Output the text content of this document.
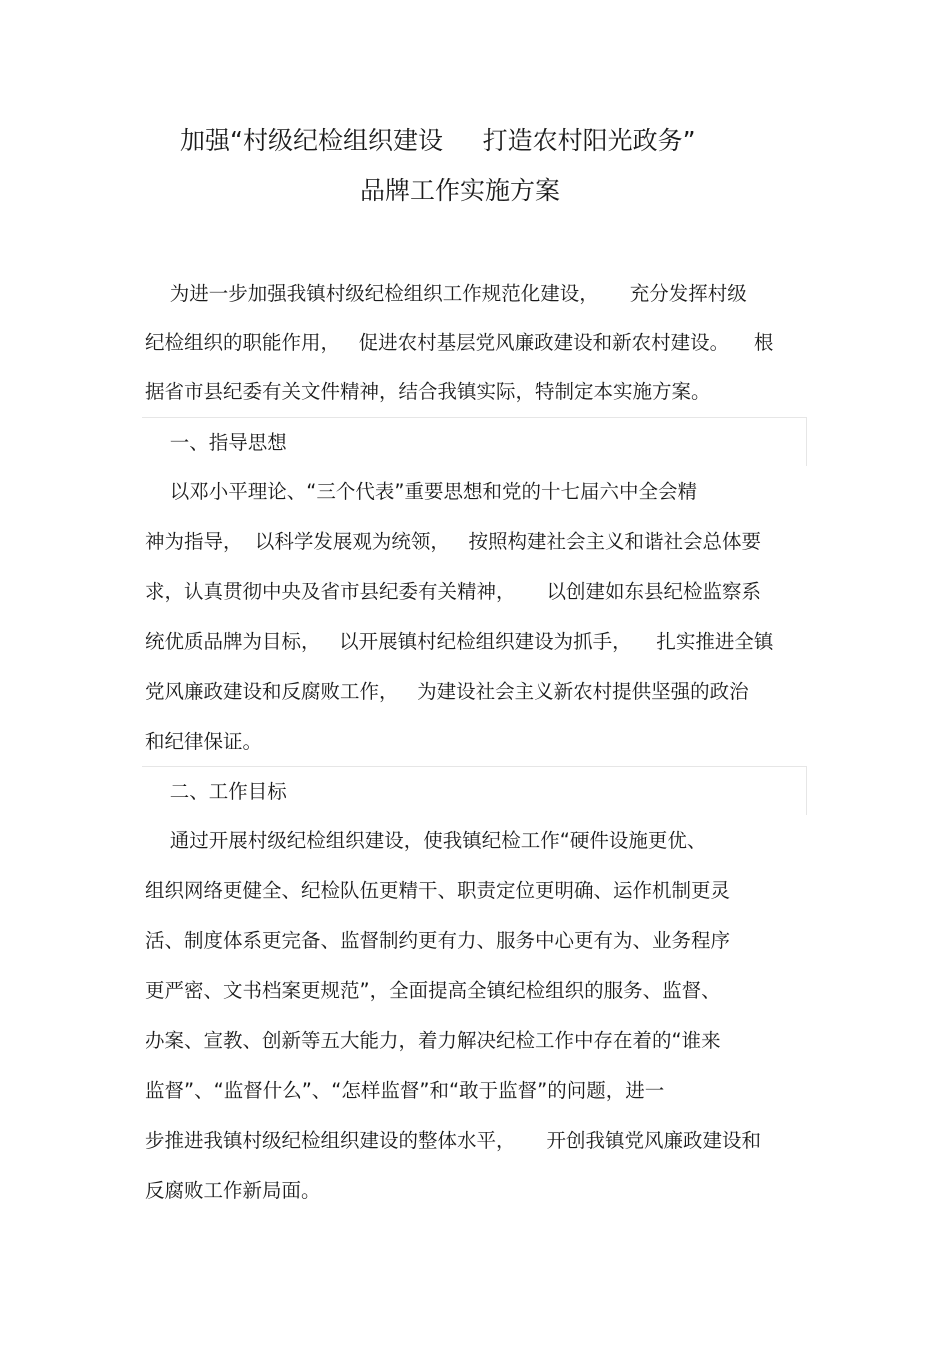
加强“村级纪检组织建设     打造农村阳光政务”
品牌工作实施方案
为进一步加强我镇村级纪检组织工作规范化建设，     充分发挥村级
纪检组织的职能作用，   促进农村基层党风廉政建设和新农村建设。    根
据省市县纪委有关文件精神，结合我镇实际，特制定本实施方案。
一、指导思想
以邓小平理论、“三个代表”重要思想和党的十七届六中全会精
神为指导，  以科学发展观为统领，   按照构建社会主义和谐社会总体要
求，认真贯彻中央及省市县纪委有关精神，     以创建如东县纪检监察系
统优质品牌为目标，   以开展镇村纪检组织建设为抓手，    扎实推进全镇
党风廉政建设和反腐败工作，   为建设社会主义新农村提供坚强的政治
和纪律保证。
二、工作目标
通过开展村级纪检组织建设，使我镇纪检工作“硬件设施更优、
组织网络更健全、纪检队伍更精干、职责定位更明确、运作机制更灵
活、制度体系更完备、监督制约更有力、服务中心更有为、业务程序
更严密、文书档案更规范”，全面提高全镇纪检组织的服务、监督、
办案、宣教、创新等五大能力，着力解决纪检工作中存在着的“谁来
监督”、“监督什么”、“怎样监督”和“敢于监督”的问题，进一
步推进我镇村级纪检组织建设的整体水平，     开创我镇党风廉政建设和
反腐败工作新局面。
